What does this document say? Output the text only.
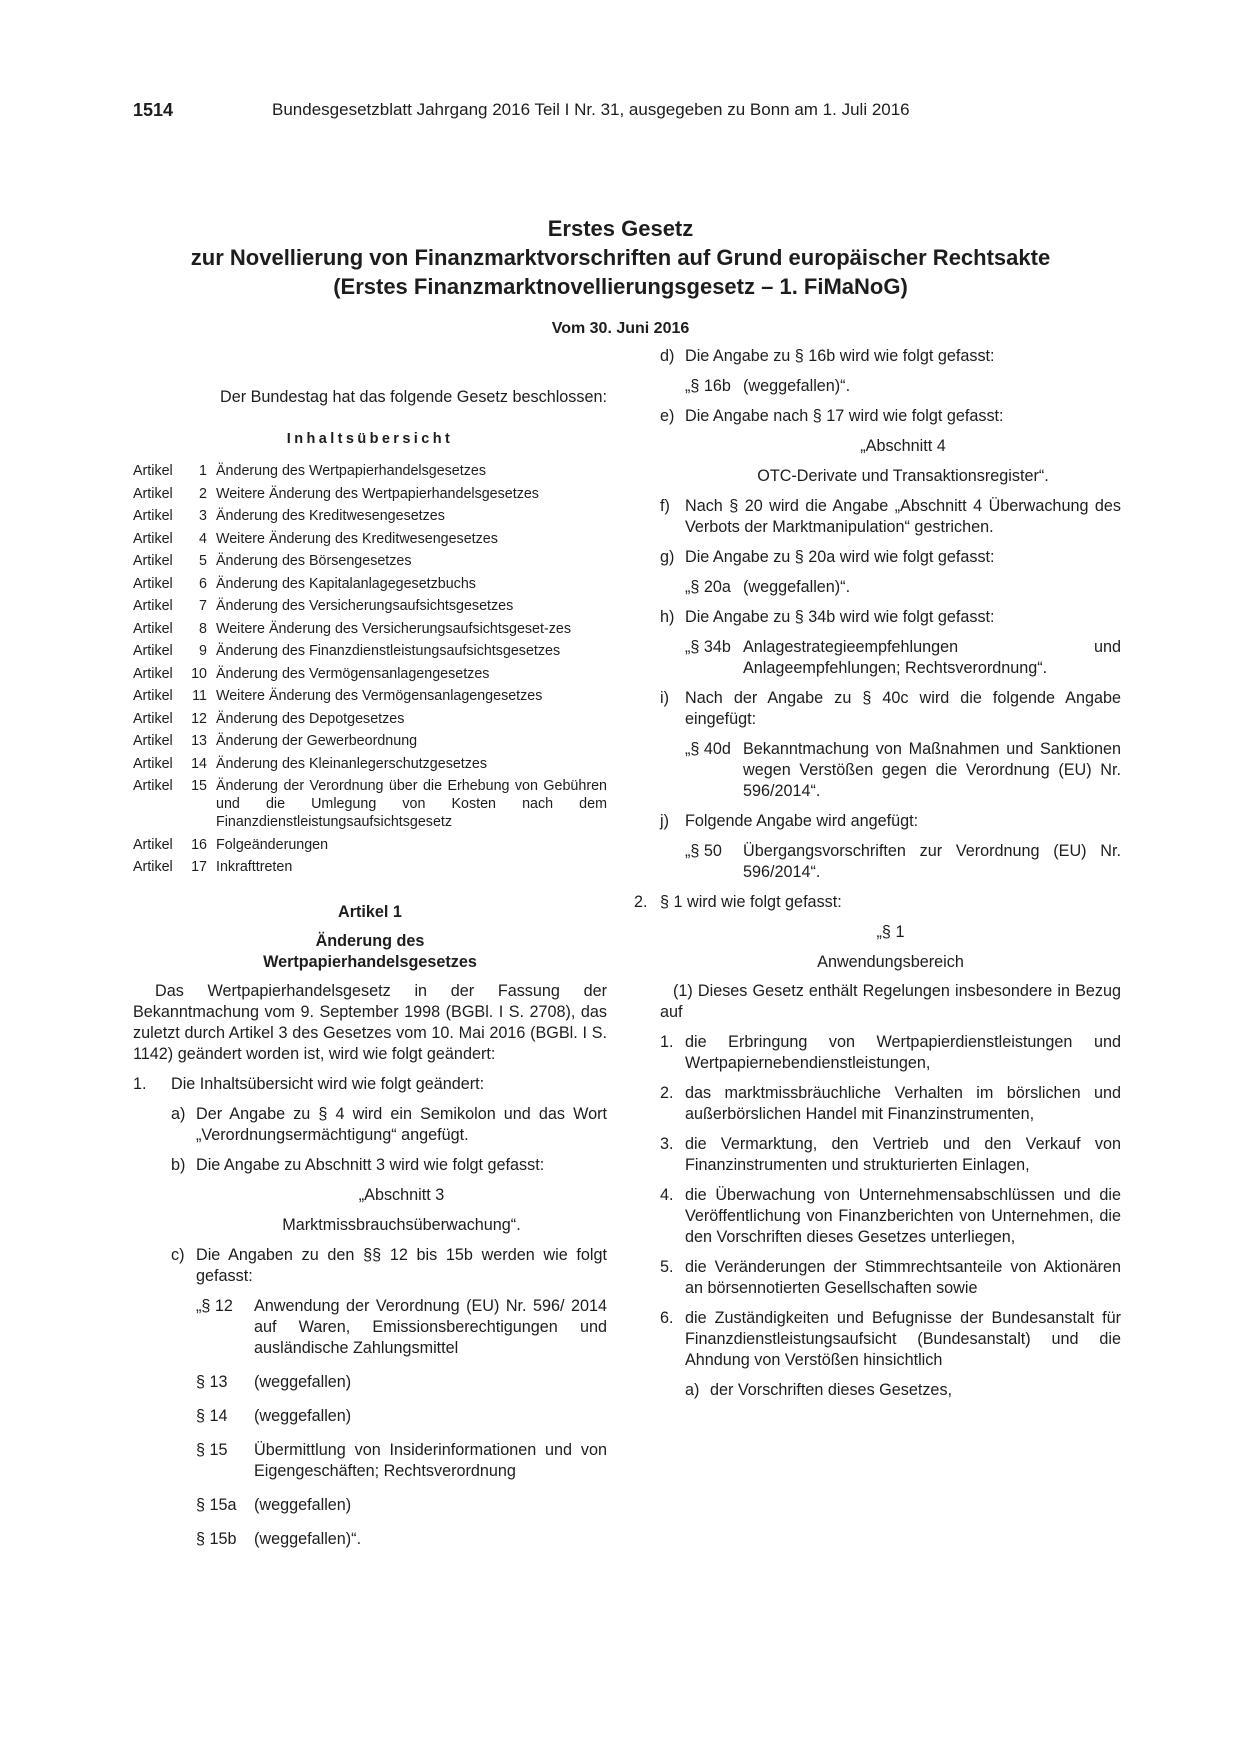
1514	Bundesgesetzblatt Jahrgang 2016 Teil I Nr. 31, ausgegeben zu Bonn am 1. Juli 2016
Erstes Gesetz
zur Novellierung von Finanzmarktvorschriften auf Grund europäischer Rechtsakte
(Erstes Finanzmarktnovellierungsgesetz – 1. FiMaNoG)
Vom 30. Juni 2016
Der Bundestag hat das folgende Gesetz beschlossen:
Inhaltsübersicht
Artikel	1 Änderung des Wertpapierhandelsgesetzes
Artikel	2 Weitere Änderung des Wertpapierhandelsgesetzes
Artikel	3 Änderung des Kreditwesengesetzes
Artikel	4 Weitere Änderung des Kreditwesengesetzes
Artikel	5 Änderung des Börsengesetzes
Artikel	6 Änderung des Kapitalanlagegesetzbuchs
Artikel	7 Änderung des Versicherungsaufsichtsgesetzes
Artikel	8 Weitere Änderung des Versicherungsaufsichtsgeset-zes
Artikel	9 Änderung des Finanzdienstleistungsaufsichtsgesetzes
Artikel	10 Änderung des Vermögensanlagengesetzes
Artikel	11 Weitere Änderung des Vermögensanlagengesetzes
Artikel	12 Änderung des Depotgesetzes
Artikel	13 Änderung der Gewerbeordnung
Artikel	14 Änderung des Kleinanlegerschutzgesetzes
Artikel	15 Änderung der Verordnung über die Erhebung von Gebühren und die Umlegung von Kosten nach dem Finanzdienstleistungsaufsichtsgesetz
Artikel	16 Folgeänderungen
Artikel	17 Inkrafttreten
Artikel 1
Änderung des
Wertpapierhandelsgesetzes
Das Wertpapierhandelsgesetz in der Fassung der Bekanntmachung vom 9. September 1998 (BGBl. I S. 2708), das zuletzt durch Artikel 3 des Gesetzes vom 10. Mai 2016 (BGBl. I S. 1142) geändert worden ist, wird wie folgt geändert:
1.	Die Inhaltsübersicht wird wie folgt geändert:
a) Der Angabe zu § 4 wird ein Semikolon und das Wort „Verordnungsermächtigung“ angefügt.
b) Die Angabe zu Abschnitt 3 wird wie folgt gefasst:
„Abschnitt 3
Marktmissbrauchsüberwachung“.
c) Die Angaben zu den §§ 12 bis 15b werden wie folgt gefasst:
„§ 12	Anwendung der Verordnung (EU) Nr. 596/ 2014 auf Waren, Emissionsberechtigungen und ausländische Zahlungsmittel
§ 13	(weggefallen)
§ 14	(weggefallen)
§ 15	Übermittlung von Insiderinformationen und von Eigengeschäften; Rechtsverordnung
§ 15a	(weggefallen)
§ 15b	(weggefallen)“.
d) Die Angabe zu § 16b wird wie folgt gefasst:
„§ 16b (weggefallen)“.
e) Die Angabe nach § 17 wird wie folgt gefasst:
„Abschnitt 4
OTC-Derivate und Transaktionsregister“.
f) Nach § 20 wird die Angabe „Abschnitt 4 Überwachung des Verbots der Marktmanipulation“ gestrichen.
g) Die Angabe zu § 20a wird wie folgt gefasst:
„§ 20a (weggefallen)“.
h) Die Angabe zu § 34b wird wie folgt gefasst:
„§ 34b Anlagestrategieempfehlungen und Anlageempfehlungen; Rechtsverordnung“.
i) Nach der Angabe zu § 40c wird die folgende Angabe eingefügt:
„§ 40d Bekanntmachung von Maßnahmen und Sanktionen wegen Verstößen gegen die Verordnung (EU) Nr. 596/2014“.
j) Folgende Angabe wird angefügt:
„§ 50	Übergangsvorschriften zur Verordnung (EU) Nr. 596/2014“.
2. § 1 wird wie folgt gefasst:
„§ 1
Anwendungsbereich
(1) Dieses Gesetz enthält Regelungen insbesondere in Bezug auf
1. die Erbringung von Wertpapierdienstleistungen und Wertpapiernebendienstleistungen,
2. das marktmissbräuchliche Verhalten im börslichen und außerbörslichen Handel mit Finanzinstrumenten,
3. die Vermarktung, den Vertrieb und den Verkauf von Finanzinstrumenten und strukturierten Einlagen,
4. die Überwachung von Unternehmensabschlüssen und die Veröffentlichung von Finanzberichten von Unternehmen, die den Vorschriften dieses Gesetzes unterliegen,
5. die Veränderungen der Stimmrechtsanteile von Aktionären an börsennotierten Gesellschaften sowie
6. die Zuständigkeiten und Befugnisse der Bundesanstalt für Finanzdienstleistungsaufsicht (Bundesanstalt) und die Ahndung von Verstößen hinsichtlich
a) der Vorschriften dieses Gesetzes,
